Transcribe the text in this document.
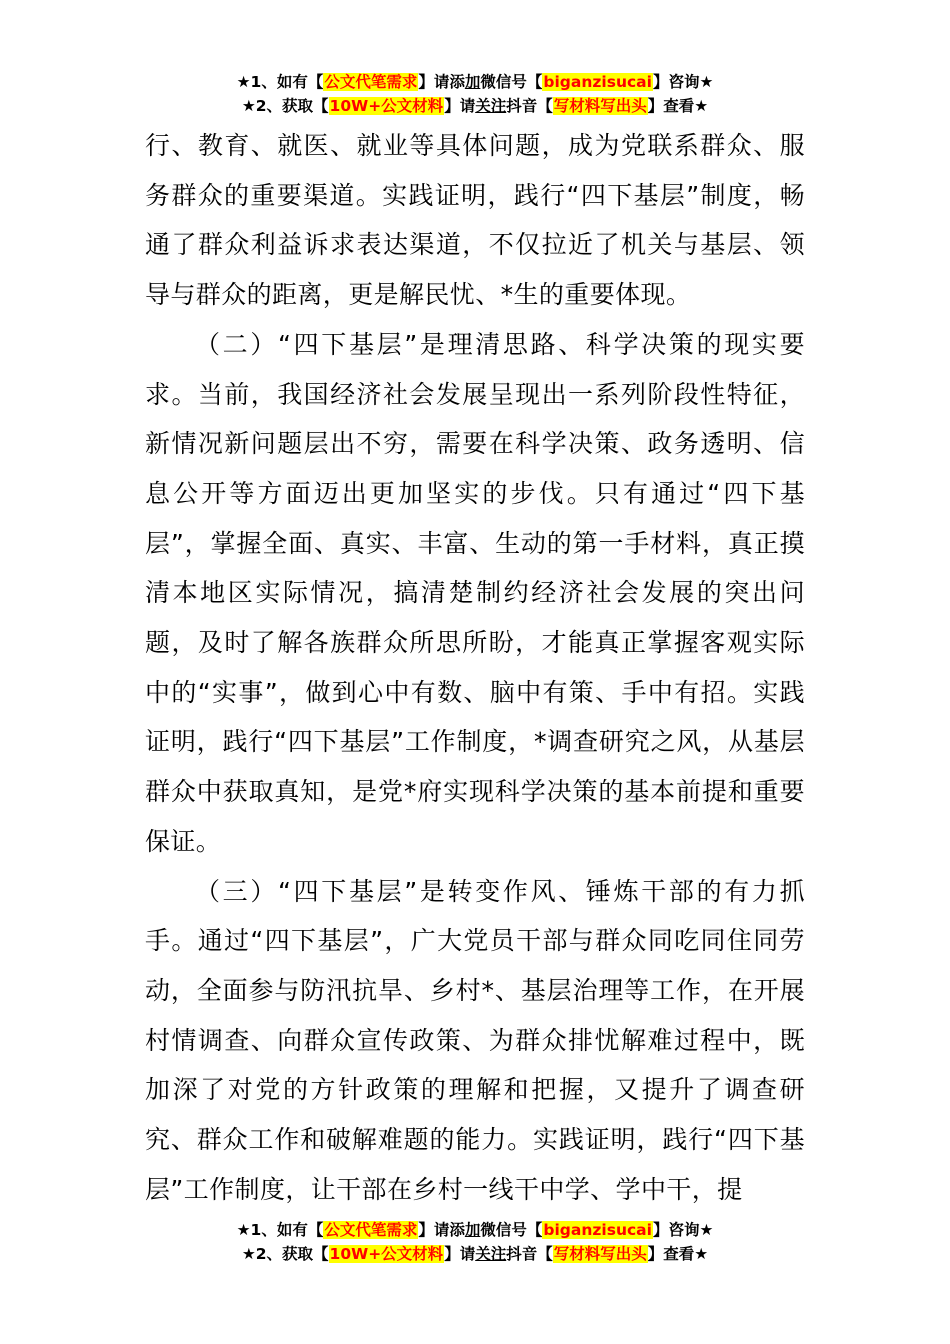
★1、如有【公文代笔需求】请添加微信号【biganzisucai】咨询★
★2、获取【10W+公文材料】请关注抖音【写材料写出头】查看★

行、教育、就医、就业等具体问题，成为党联系群众、服务群众的重要渠道。实践证明，践行“四下基层”制度，畅通了群众利益诉求表达渠道，不仅拉近了机关与基层、领导与群众的距离，更是解民忧、*生的重要体现。

（二）“四下基层”是理清思路、科学决策的现实要求。当前，我国经济社会发展呈现出一系列阶段性特征，新情况新问题层出不穷，需要在科学决策、政务透明、信息公开等方面迈出更加坚实的步伐。只有通过“四下基层”，掌握全面、真实、丰富、生动的第一手材料，真正摸清本地区实际情况，搞清楚制约经济社会发展的突出问题，及时了解各族群众所思所盼，才能真正掌握客观实际中的“实事”，做到心中有数、脑中有策、手中有招。实践证明，践行“四下基层”工作制度，*调查研究之风，从基层群众中获取真知，是党*府实现科学决策的基本前提和重要保证。

（三）“四下基层”是转变作风、锤炼干部的有力抓手。通过“四下基层”，广大党员干部与群众同吃同住同劳动，全面参与防汛抗旱、乡村*、基层治理等工作，在开展村情调查、向群众宣传政策、为群众排忧解难过程中，既加深了对党的方针政策的理解和把握，又提升了调查研究、群众工作和破解难题的能力。实践证明，践行“四下基层”工作制度，让干部在乡村一线干中学、学中干，提

★1、如有【公文代笔需求】请添加微信号【biganzisucai】咨询★
★2、获取【10W+公文材料】请关注抖音【写材料写出头】查看★
